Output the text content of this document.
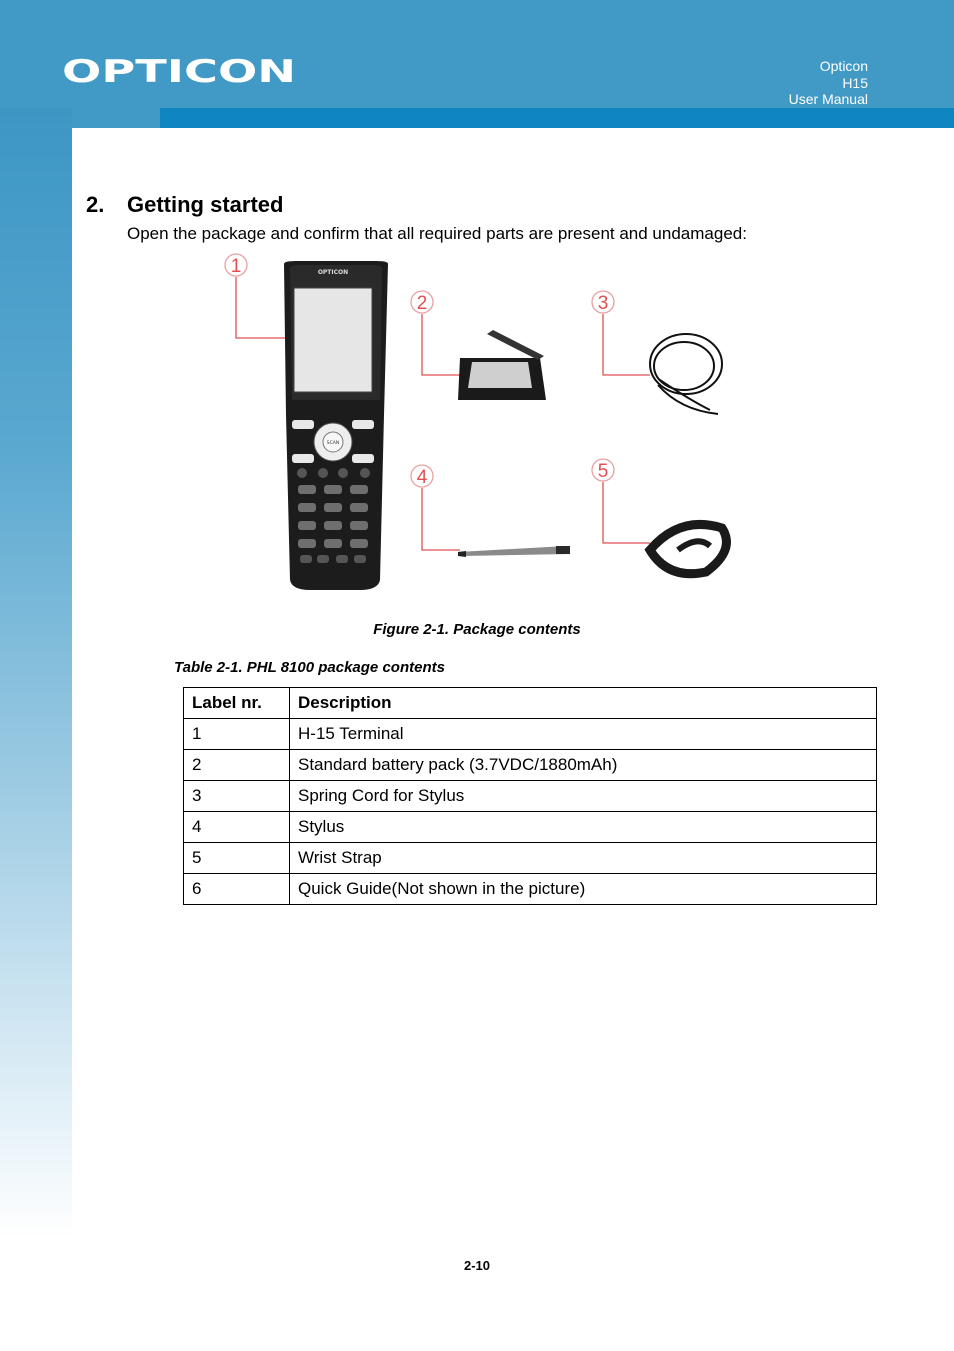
OPTICON	Opticon
H15
User Manual
2. Getting started
Open the package and confirm that all required parts are present and undamaged:
1
2	3
4	5
OPTICON
SCAN
Figure 2-1. Package contents
Table 2-1. PHL 8100 package contents
Label nr.	Description
1	H-15 Terminal
2	Standard battery pack (3.7VDC/1880mAh)
3	Spring Cord for Stylus
4	Stylus
5	Wrist Strap
6	Quick Guide(Not shown in the picture)
2-10
